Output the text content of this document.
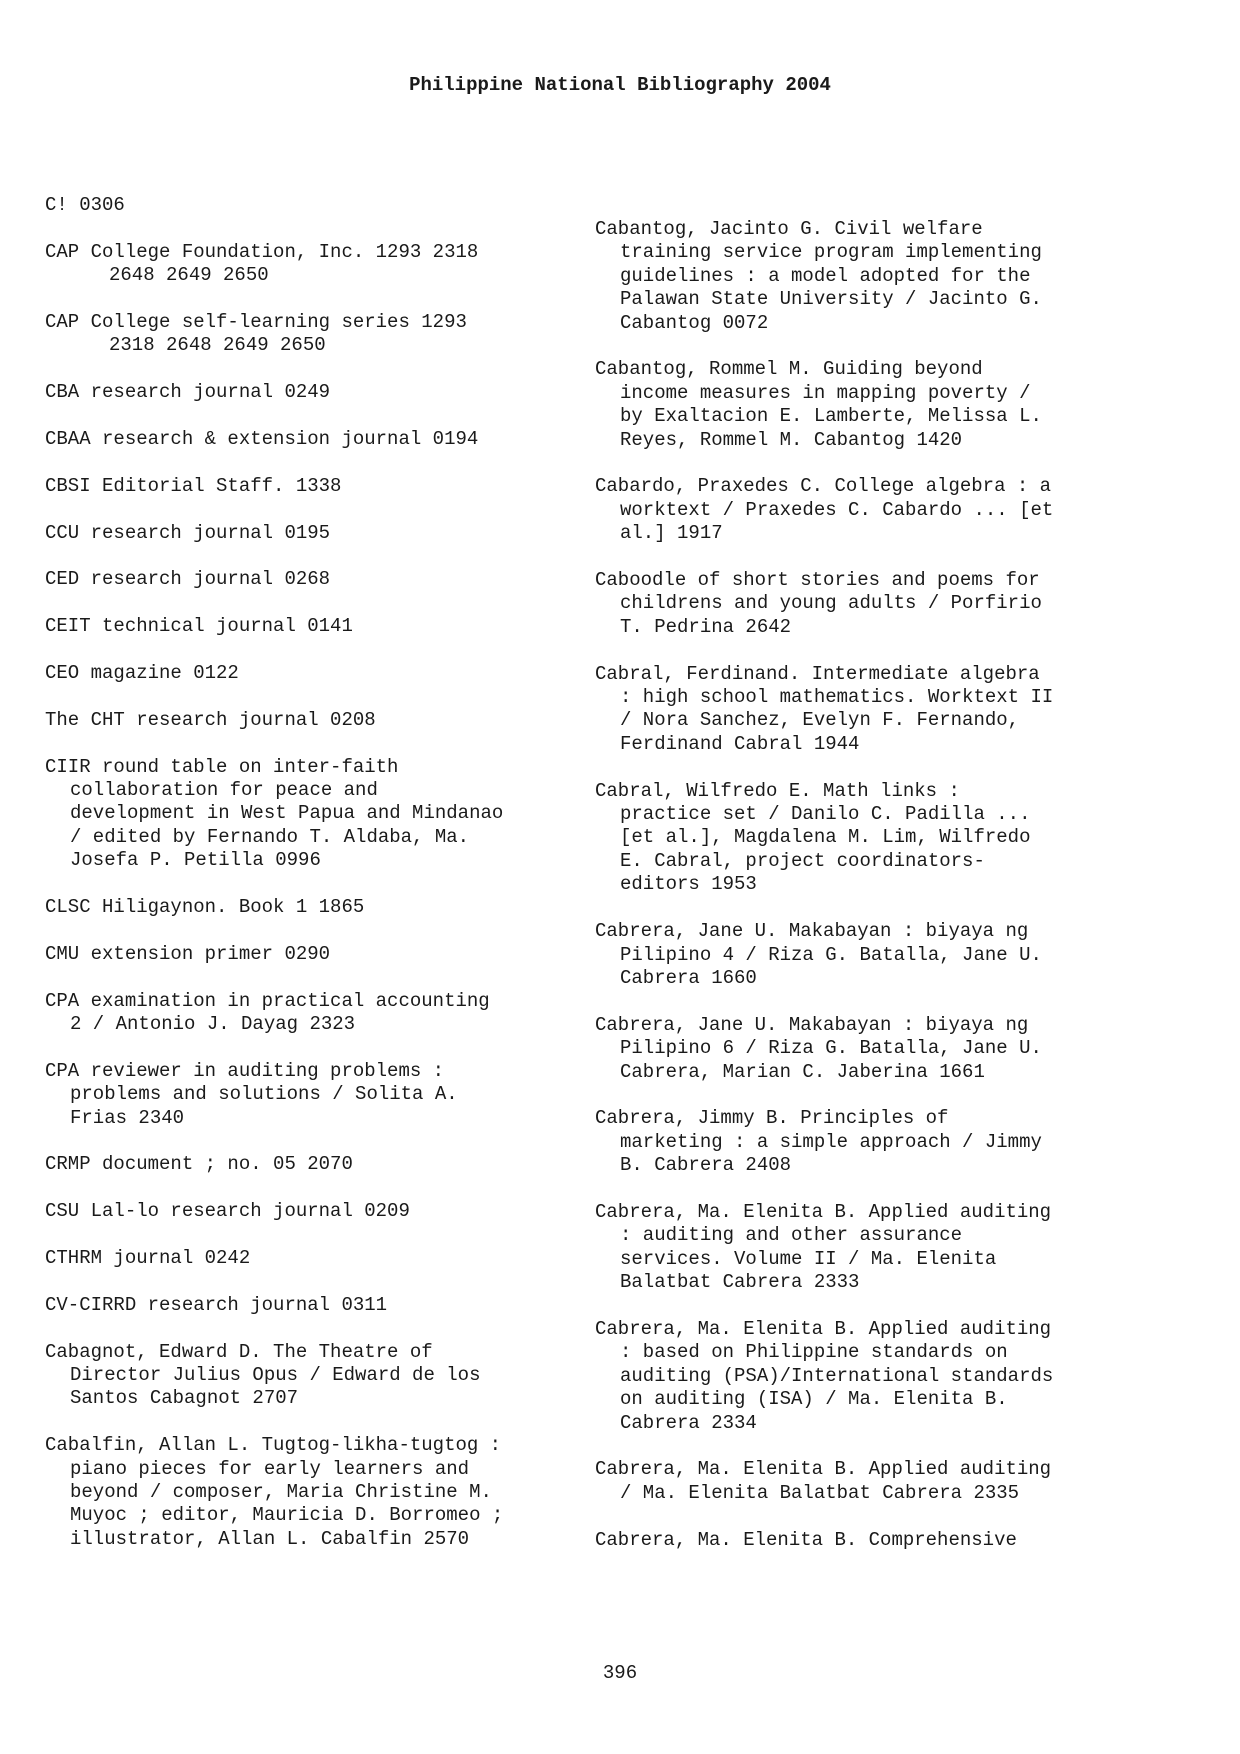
Philippine National Bibliography 2004
C! 0306
CAP College Foundation, Inc. 1293 2318
2648 2649 2650
CAP College self-learning series 1293
2318 2648 2649 2650
CBA research journal 0249
CBAA research & extension journal 0194
CBSI Editorial Staff. 1338
CCU research journal 0195
CED research journal 0268
CEIT technical journal 0141
CEO magazine 0122
The CHT research journal 0208
CIIR round table on inter-faith
collaboration for peace and
development in West Papua and Mindanao
/ edited by Fernando T. Aldaba, Ma.
Josefa P. Petilla 0996
CLSC Hiligaynon. Book 1 1865
CMU extension primer 0290
CPA examination in practical accounting
2 / Antonio J. Dayag 2323
CPA reviewer in auditing problems :
problems and solutions / Solita A.
Frias 2340
CRMP document ; no. 05 2070
CSU Lal-lo research journal 0209
CTHRM journal 0242
CV-CIRRD research journal 0311
Cabagnot, Edward D. The Theatre of
Director Julius Opus / Edward de los
Santos Cabagnot 2707
Cabalfin, Allan L. Tugtog-likha-tugtog :
piano pieces for early learners and
beyond / composer, Maria Christine M.
Muyoc ; editor, Mauricia D. Borromeo ;
illustrator, Allan L. Cabalfin 2570
Cabantog, Jacinto G. Civil welfare
training service program implementing
guidelines : a model adopted for the
Palawan State University / Jacinto G.
Cabantog 0072
Cabantog, Rommel M. Guiding beyond
income measures in mapping poverty /
by Exaltacion E. Lamberte, Melissa L.
Reyes, Rommel M. Cabantog 1420
Cabardo, Praxedes C. College algebra : a
worktext / Praxedes C. Cabardo ... [et
al.] 1917
Caboodle of short stories and poems for
childrens and young adults / Porfirio
T. Pedrina 2642
Cabral, Ferdinand. Intermediate algebra
: high school mathematics. Worktext II
/ Nora Sanchez, Evelyn F. Fernando,
Ferdinand Cabral 1944
Cabral, Wilfredo E. Math links :
practice set / Danilo C. Padilla ...
[et al.], Magdalena M. Lim, Wilfredo
E. Cabral, project coordinators-
editors 1953
Cabrera, Jane U. Makabayan : biyaya ng
Pilipino 4 / Riza G. Batalla, Jane U.
Cabrera 1660
Cabrera, Jane U. Makabayan : biyaya ng
Pilipino 6 / Riza G. Batalla, Jane U.
Cabrera, Marian C. Jaberina 1661
Cabrera, Jimmy B. Principles of
marketing : a simple approach / Jimmy
B. Cabrera 2408
Cabrera, Ma. Elenita B. Applied auditing
: auditing and other assurance
services. Volume II / Ma. Elenita
Balatbat Cabrera 2333
Cabrera, Ma. Elenita B. Applied auditing
: based on Philippine standards on
auditing (PSA)/International standards
on auditing (ISA) / Ma. Elenita B.
Cabrera 2334
Cabrera, Ma. Elenita B. Applied auditing
/ Ma. Elenita Balatbat Cabrera 2335
Cabrera, Ma. Elenita B. Comprehensive

396
